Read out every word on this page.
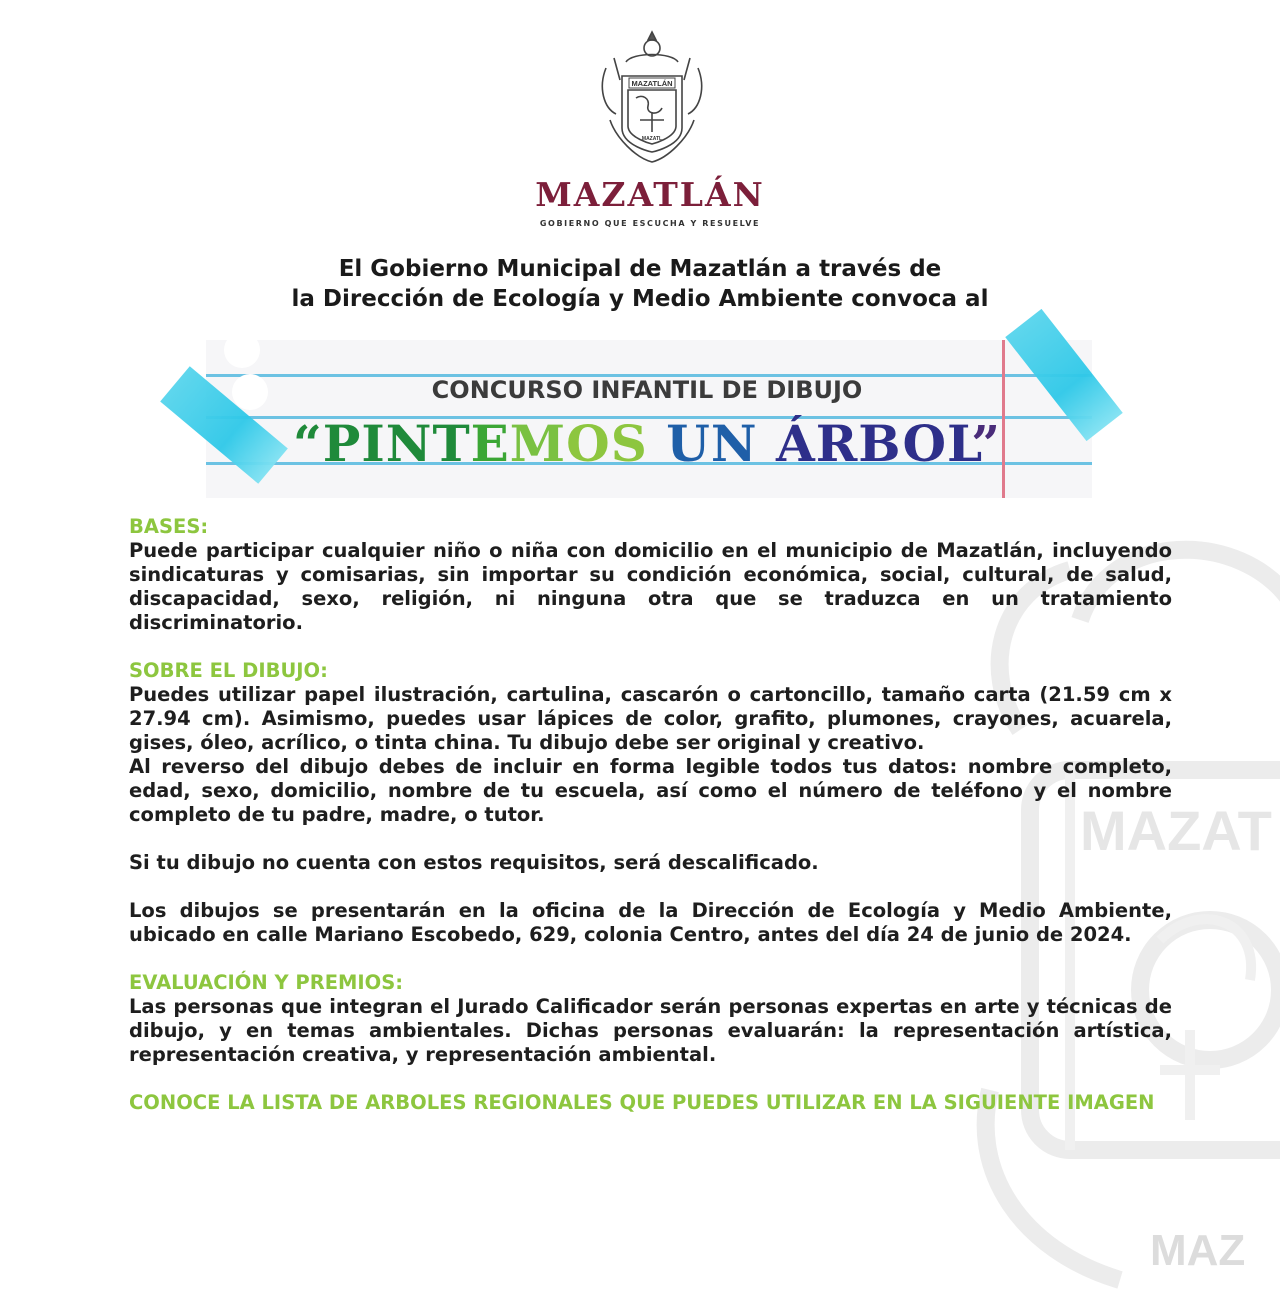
MAZAT
MAZ
MAZATLÁN
MAZATL
MAZATLÁN
GOBIERNO QUE ESCUCHA Y RESUELVE
El Gobierno Municipal de Mazatlán a través de
la Dirección de Ecología y Medio Ambiente convoca al
CONCURSO INFANTIL DE DIBUJO
“PINTEMOS UN ÁRBOL”

BASES:

Puede participar cualquier niño o niña con domicilio en el municipio de Mazatlán, incluyendo sindicaturas y comisarias, sin importar su condición económica, social, cultural, de salud, discapacidad, sexo, religión, ni ninguna otra que se traduzca en un tratamiento discriminatorio.

SOBRE EL DIBUJO:

Puedes utilizar papel ilustración, cartulina, cascarón o cartoncillo, tamaño carta (21.59 cm x 27.94 cm). Asimismo, puedes usar lápices de color, grafito, plumones, crayones, acuarela, gises, óleo, acrílico, o tinta china. Tu dibujo debe ser original y creativo.

Al reverso del dibujo debes de incluir en forma legible todos tus datos: nombre completo, edad, sexo, domicilio, nombre de tu escuela, así como el número de teléfono y el nombre completo de tu padre, madre, o tutor.

Si tu dibujo no cuenta con estos requisitos, será descalificado.

Los dibujos se presentarán en la oficina de la Dirección de Ecología y Medio Ambiente, ubicado en calle Mariano Escobedo, 629, colonia Centro, antes del día 24 de junio de 2024.

EVALUACIÓN Y PREMIOS:

Las personas que integran el Jurado Calificador serán personas expertas en arte y técnicas de dibujo, y en temas ambientales. Dichas personas evaluarán: la representación artística, representación creativa, y representación ambiental.

CONOCE LA LISTA DE ARBOLES REGIONALES QUE PUEDES UTILIZAR EN LA SIGUIENTE IMAGEN
